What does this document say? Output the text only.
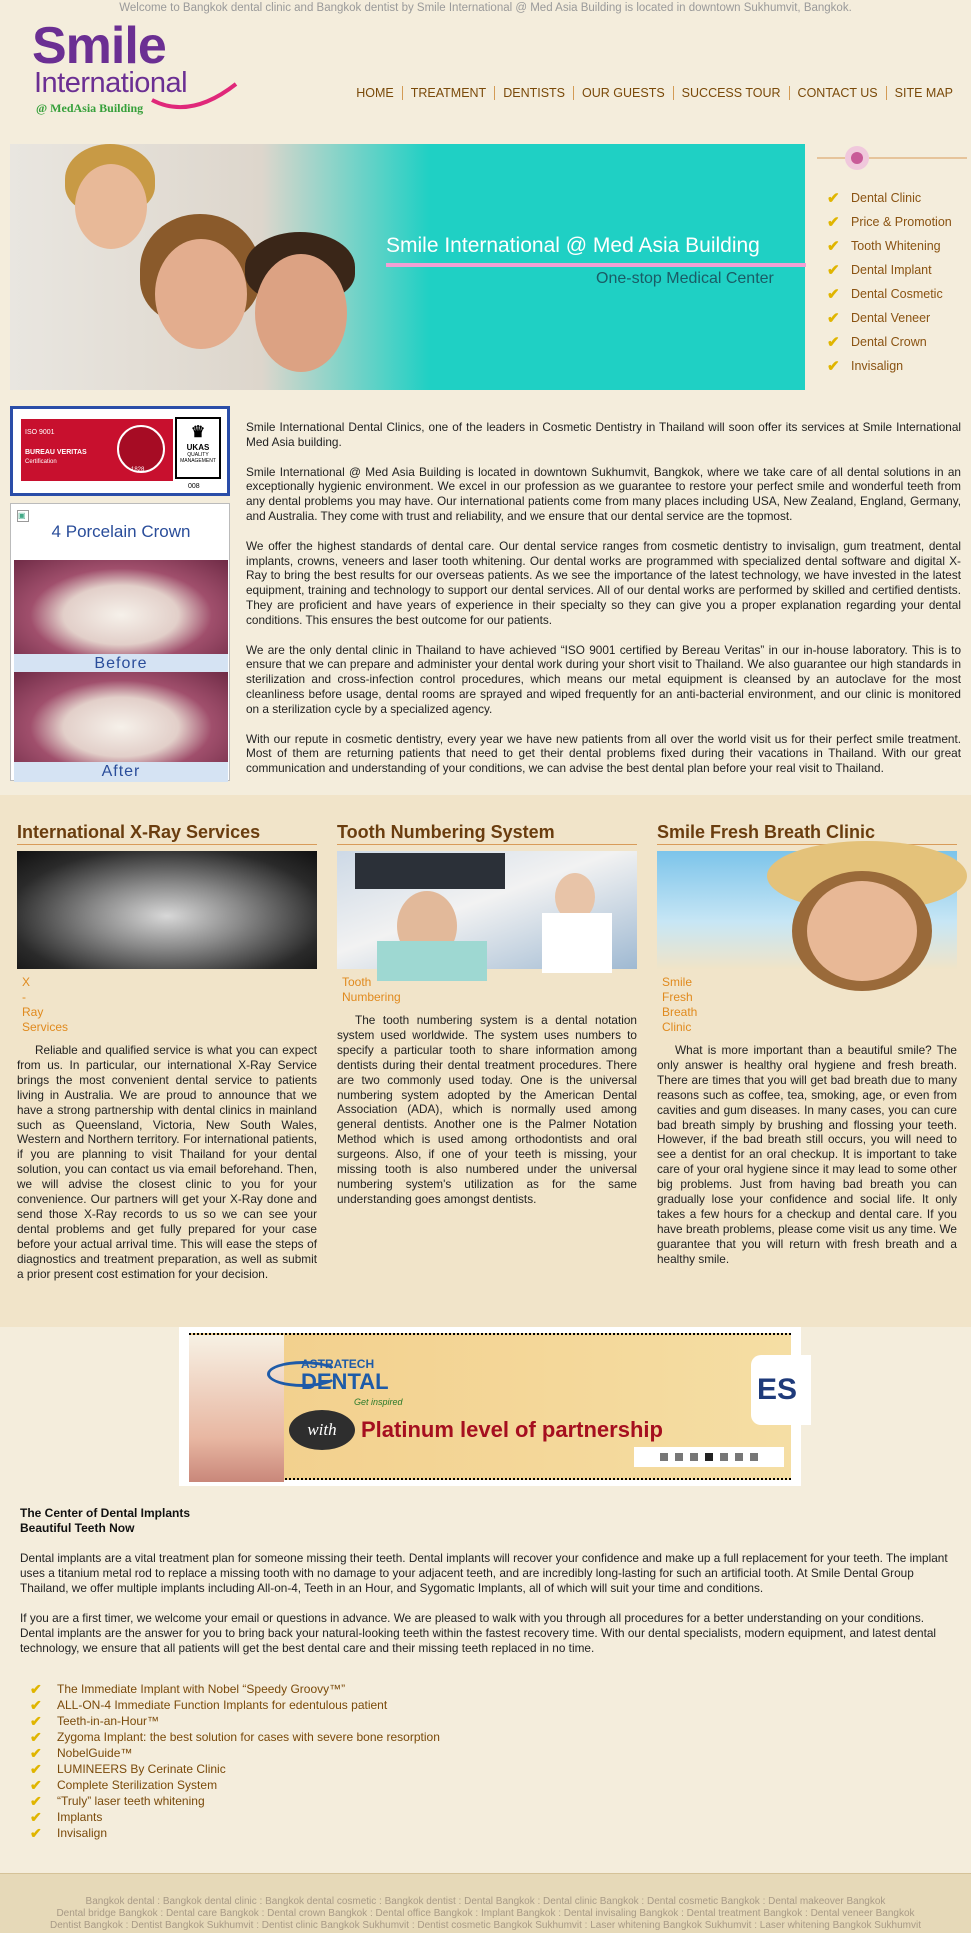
Welcome to Bangkok dental clinic and Bangkok dentist by Smile International @ Med Asia Building is located in downtown Sukhumvit, Bangkok.
Smile
International
@ MedAsia Building
HOME	TREATMENT	DENTISTS	OUR GUESTS	SUCCESS TOUR	CONTACT US	SITE MAP
Smile International @ Med Asia Building
One-stop Medical Center
✔ Dental Clinic
✔ Price & Promotion
✔ Tooth Whitening
✔ Dental Implant
✔ Dental Cosmetic
✔ Dental Veneer
✔ Dental Crown
✔ Invisalign
ISO 9001
BUREAU VERITAS
Certification
1828
♛
UKAS
QUALITY MANAGEMENT
008
▣
4 Porcelain Crown
Before
After

Smile International Dental Clinics, one of the leaders in Cosmetic Dentistry in Thailand will soon offer its services at Smile International Med Asia building.

Smile International @ Med Asia Building is located in downtown Sukhumvit, Bangkok, where we take care of all dental solutions in an exceptionally hygienic environment. We excel in our profession as we guarantee to restore your perfect smile and wonderful teeth from any dental problems you may have. Our international patients come from many places including USA, New Zealand, England, Germany, and Australia. They come with trust and reliability, and we ensure that our dental service are the topmost.

We offer the highest standards of dental care. Our dental service ranges from cosmetic dentistry to invisalign, gum treatment, dental implants, crowns, veneers and laser tooth whitening. Our dental works are programmed with specialized dental software and digital X-Ray to bring the best results for our overseas patients. As we see the importance of the latest technology, we have invested in the latest equipment, training and technology to support our dental services. All of our dental works are performed by skilled and certified dentists. They are proficient and have years of experience in their specialty so they can give you a proper explanation regarding your dental conditions. This ensures the best outcome for our patients.

We are the only dental clinic in Thailand to have achieved “ISO 9001 certified by Bereau Veritas” in our in-house laboratory. This is to ensure that we can prepare and administer your dental work during your short visit to Thailand. We also guarantee our high standards in sterilization and cross-infection control procedures, which means our metal equipment is cleansed by an autoclave for the most cleanliness before usage, dental rooms are sprayed and wiped frequently for an anti-bacterial environment, and our clinic is monitored on a sterilization cycle by a specialized agency.

With our repute in cosmetic dentistry, every year we have new patients from all over the world visit us for their perfect smile treatment. Most of them are returning patients that need to get their dental problems fixed during their vacations in Thailand. With our great communication and understanding of your conditions, we can advise the best dental plan before your real visit to Thailand.

International X-Ray Services
X
-
Ray
Services
Reliable and qualified service is what you can expect from us. In particular, our international X-Ray Service brings the most convenient dental service to patients living in Australia. We are proud to announce that we have a strong partnership with dental clinics in mainland such as Queensland, Victoria, New South Wales, Western and Northern territory. For international patients, if you are planning to visit Thailand for your dental solution, you can contact us via email beforehand. Then, we will advise the closest clinic to you for your convenience. Our partners will get your X-Ray done and send those X-Ray records to us so we can see your dental problems and get fully prepared for your case before your actual arrival time. This will ease the steps of diagnostics and treatment preparation, as well as submit a prior present cost estimation for your decision.
Tooth Numbering System
Tooth
Numbering
The tooth numbering system is a dental notation system used worldwide. The system uses numbers to specify a particular tooth to share information among dentists during their dental treatment procedures. There are two commonly used today. One is the universal numbering system adopted by the American Dental Association (ADA), which is normally used among general dentists. Another one is the Palmer Notation Method which is used among orthodontists and oral surgeons. Also, if one of your teeth is missing, your missing tooth is also numbered under the universal numbering system's utilization as for the same understanding goes amongst dentists.
Smile Fresh Breath Clinic
Smile
Fresh
Breath
Clinic
What is more important than a beautiful smile? The only answer is healthy oral hygiene and fresh breath. There are times that you will get bad breath due to many reasons such as coffee, tea, smoking, age, or even from cavities and gum diseases. In many cases, you can cure bad breath simply by brushing and flossing your teeth. However, if the bad breath still occurs, you will need to see a dentist for an oral checkup. It is important to take care of your oral hygiene since it may lead to some other big problems. Just from having bad breath you can gradually lose your confidence and social life. It only takes a few hours for a checkup and dental care. If you have breath problems, please come visit us any time. We guarantee that you will return with fresh breath and a healthy smile.
ASTRATECH
DENTAL
Get inspired
with	Platinum level of partnership
ES
The Center of Dental Implants
Beautiful Teeth Now

Dental implants are a vital treatment plan for someone missing their teeth. Dental implants will recover your confidence and make up a full replacement for your teeth. The implant uses a titanium metal rod to replace a missing tooth with no damage to your adjacent teeth, and are incredibly long-lasting for such an artificial tooth. At Smile Dental Group Thailand, we offer multiple implants including All-on-4, Teeth in an Hour, and Sygomatic Implants, all of which will suit your time and conditions.

If you are a first timer, we welcome your email or questions in advance. We are pleased to walk with you through all procedures for a better understanding on your conditions. Dental implants are the answer for you to bring back your natural-looking teeth within the fastest recovery time. With our dental specialists, modern equipment, and latest dental technology, we ensure that all patients will get the best dental care and their missing teeth replaced in no time.

✔	The Immediate Implant with Nobel “Speedy Groovy™”
✔	ALL-ON-4 Immediate Function Implants for edentulous patient
✔	Teeth-in-an-Hour™
✔	Zygoma Implant: the best solution for cases with severe bone resorption
✔	NobelGuide™
✔	LUMINEERS By Cerinate Clinic
✔	Complete Sterilization System
✔	“Truly” laser teeth whitening
✔	Implants
✔	Invisalign
Bangkok dental : Bangkok dental clinic : Bangkok dental cosmetic : Bangkok dentist : Dental Bangkok : Dental clinic Bangkok : Dental cosmetic Bangkok : Dental makeover Bangkok
Dental bridge Bangkok : Dental care Bangkok : Dental crown Bangkok : Dental office Bangkok : Implant Bangkok : Dental invisaling Bangkok : Dental treatment Bangkok : Dental veneer Bangkok
Dentist Bangkok : Dentist Bangkok Sukhumvit : Dentist clinic Bangkok Sukhumvit : Dentist cosmetic Bangkok Sukhumvit : Laser whitening Bangkok Sukhumvit : Laser whitening Bangkok Sukhumvit
